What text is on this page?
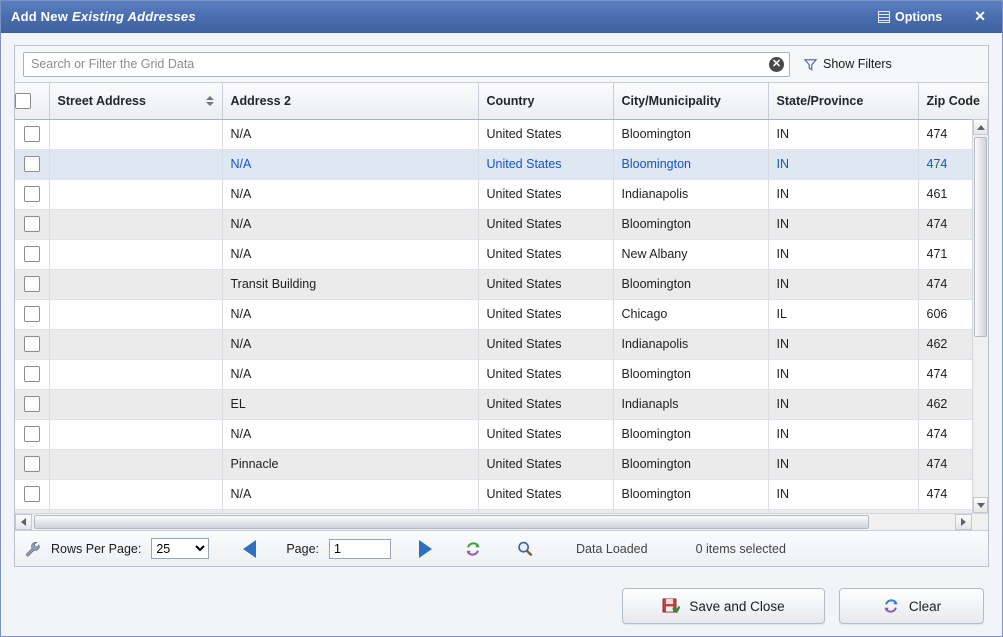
Add New Existing Addresses	Options	✕
Search or Filter the Grid Data
✕	Show Filters

	Street Address	Address 2	Country	City/Municipality	State/Province	Zip Code
		N/A	United States	Bloomington	IN	474
		N/A	United States	Bloomington	IN	474
		N/A	United States	Indianapolis	IN	461
		N/A	United States	Bloomington	IN	474
		N/A	United States	New Albany	IN	471
		Transit Building	United States	Bloomington	IN	474
		N/A	United States	Chicago	IL	606
		N/A	United States	Indianapolis	IN	462
		N/A	United States	Bloomington	IN	474
		EL	United States	Indianapls	IN	462
		N/A	United States	Bloomington	IN	474
		Pinnacle	United States	Bloomington	IN	474
		N/A	United States	Bloomington	IN	474

Rows Per Page:
25	Page:
1	Data Loaded	0 items selected
Save and Close	Clear
